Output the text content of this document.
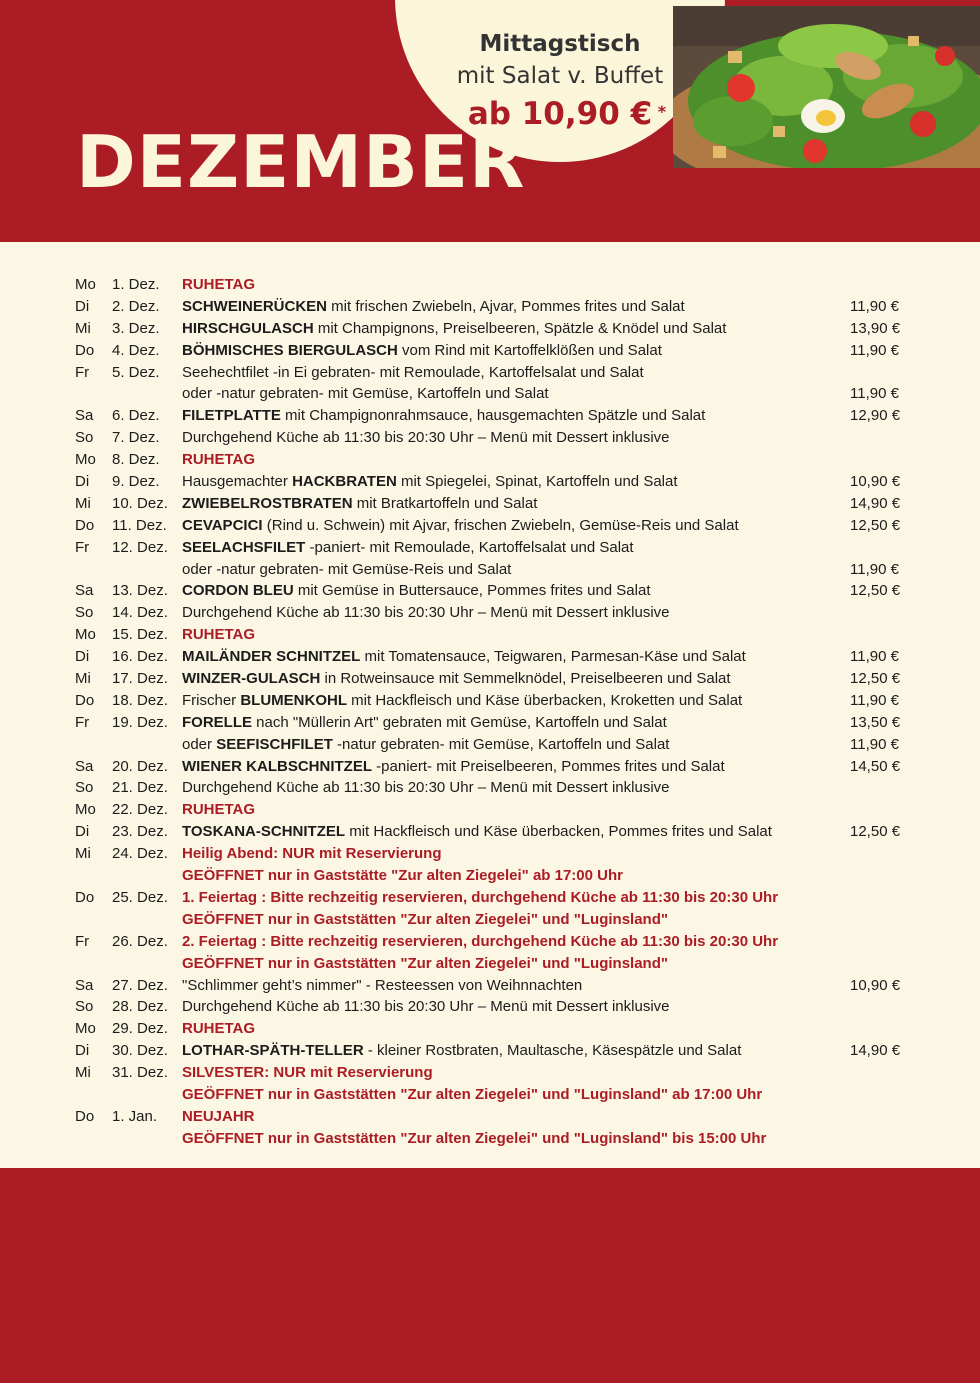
Mittagstisch
mit Salat v. Buffet
ab 10,90 € *
DEZEMBER
Mo 1. Dez. RUHETAG
Di 2. Dez. SCHWEINERÜCKEN mit frischen Zwiebeln, Ajvar, Pommes frites und Salat	11,90 €
Mi 3. Dez. HIRSCHGULASCH mit Champignons, Preiselbeeren, Spätzle & Knödel und Salat	13,90 €
Do 4. Dez. BÖHMISCHES BIERGULASCH vom Rind mit Kartoffelklößen und Salat	11,90 €
Fr 5. Dez. Seehechtfilet -in Ei gebraten- mit Remoulade, Kartoffelsalat und Salat
oder -natur gebraten- mit Gemüse, Kartoffeln und Salat	11,90 €
Sa 6. Dez. FILETPLATTE mit Champignonrahmsauce, hausgemachten Spätzle und Salat	12,90 €
So 7. Dez. Durchgehend Küche ab 11:30 bis 20:30 Uhr – Menü mit Dessert inklusive
Mo 8. Dez. RUHETAG
Di 9. Dez. Hausgemachter HACKBRATEN mit Spiegelei, Spinat, Kartoffeln und Salat	10,90 €
Mi 10. Dez. ZWIEBELROSTBRATEN mit Bratkartoffeln und Salat	14,90 €
Do 11. Dez. CEVAPCICI (Rind u. Schwein) mit Ajvar, frischen Zwiebeln, Gemüse-Reis und Salat	12,50 €
Fr 12. Dez. SEELACHSFILET -paniert- mit Remoulade, Kartoffelsalat und Salat
oder -natur gebraten- mit Gemüse-Reis und Salat	11,90 €
Sa 13. Dez. CORDON BLEU mit Gemüse in Buttersauce, Pommes frites und Salat	12,50 €
So 14. Dez. Durchgehend Küche ab 11:30 bis 20:30 Uhr – Menü mit Dessert inklusive
Mo 15. Dez. RUHETAG
Di 16. Dez. MAILÄNDER SCHNITZEL mit Tomatensauce, Teigwaren, Parmesan-Käse und Salat	11,90 €
Mi 17. Dez. WINZER-GULASCH in Rotweinsauce mit Semmelknödel, Preiselbeeren und Salat	12,50 €
Do 18. Dez. Frischer BLUMENKOHL mit Hackfleisch und Käse überbacken, Kroketten und Salat	11,90 €
Fr 19. Dez. FORELLE nach "Müllerin Art" gebraten mit Gemüse, Kartoffeln und Salat	13,50 €
oder SEEFISCHFILET -natur gebraten- mit Gemüse, Kartoffeln und Salat	11,90 €
Sa 20. Dez. WIENER KALBSCHNITZEL -paniert- mit Preiselbeeren, Pommes frites und Salat	14,50 €
So 21. Dez. Durchgehend Küche ab 11:30 bis 20:30 Uhr – Menü mit Dessert inklusive
Mo 22. Dez. RUHETAG
Di 23. Dez. TOSKANA-SCHNITZEL mit Hackfleisch und Käse überbacken, Pommes frites und Salat	12,50 €
Mi 24. Dez. Heilig Abend: NUR mit Reservierung
GEÖFFNET nur in Gaststätte "Zur alten Ziegelei" ab 17:00 Uhr
Do 25. Dez. 1. Feiertag : Bitte rechzeitig reservieren, durchgehend Küche ab 11:30 bis 20:30 Uhr
GEÖFFNET nur in Gaststätten "Zur alten Ziegelei" und "Luginsland"
Fr 26. Dez. 2. Feiertag : Bitte rechzeitig reservieren, durchgehend Küche ab 11:30 bis 20:30 Uhr
GEÖFFNET nur in Gaststätten "Zur alten Ziegelei" und "Luginsland"
Sa 27. Dez. "Schlimmer geht’s nimmer" - Resteessen von Weihnnachten	10,90 €
So 28. Dez. Durchgehend Küche ab 11:30 bis 20:30 Uhr – Menü mit Dessert inklusive
Mo 29. Dez. RUHETAG
Di 30. Dez. LOTHAR-SPÄTH-TELLER - kleiner Rostbraten, Maultasche, Käsespätzle und Salat	14,90 €
Mi 31. Dez. SILVESTER: NUR mit Reservierung
GEÖFFNET nur in Gaststätten "Zur alten Ziegelei" und "Luginsland" ab 17:00 Uhr
Do 1. Jan. NEUJAHR
GEÖFFNET nur in Gaststätten "Zur alten Ziegelei" und "Luginsland" bis 15:00 Uhr
